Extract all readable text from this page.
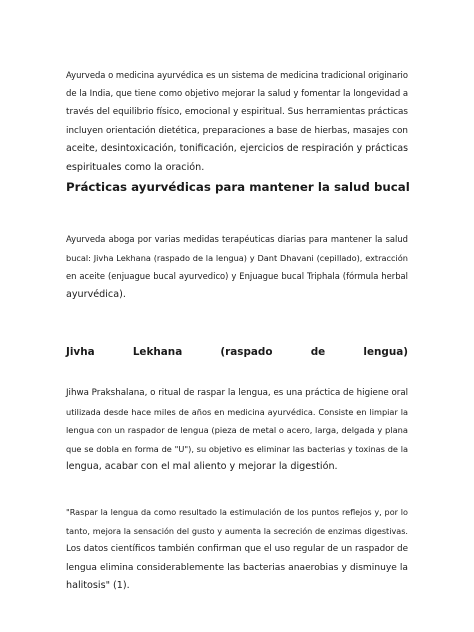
Ayurveda o medicina ayurvédica es un sistema de medicina tradicional originario
de la India, que tiene como objetivo mejorar la salud y fomentar la longevidad a
través del equilibrio físico, emocional y espiritual. Sus herramientas prácticas
incluyen orientación dietética, preparaciones a base de hierbas, masajes con
aceite, desintoxicación, tonificación, ejercicios de respiración y prácticas
espirituales como la oración.
Prácticas ayurvédicas para mantener la salud bucal
Ayurveda aboga por varias medidas terapéuticas diarias para mantener la salud
bucal: Jivha Lekhana (raspado de la lengua) y Dant Dhavani (cepillado), extracción
en aceite (enjuague bucal ayurvedico) y Enjuague bucal Triphala (fórmula herbal
ayurvédica).
Jivha	Lekhana	(raspado	de	lengua)
Jihwa Prakshalana, o ritual de raspar la lengua, es una práctica de higiene oral
utilizada desde hace miles de años en medicina ayurvédica. Consiste en limpiar la
lengua con un raspador de lengua (pieza de metal o acero, larga, delgada y plana
que se dobla en forma de "U"), su objetivo es eliminar las bacterias y toxinas de la
lengua, acabar con el mal aliento y mejorar la digestión.
"Raspar la lengua da como resultado la estimulación de los puntos reflejos y, por lo
tanto, mejora la sensación del gusto y aumenta la secreción de enzimas digestivas.
Los datos científicos también confirman que el uso regular de un raspador de
lengua elimina considerablemente las bacterias anaerobias y disminuye la
halitosis" (1).
